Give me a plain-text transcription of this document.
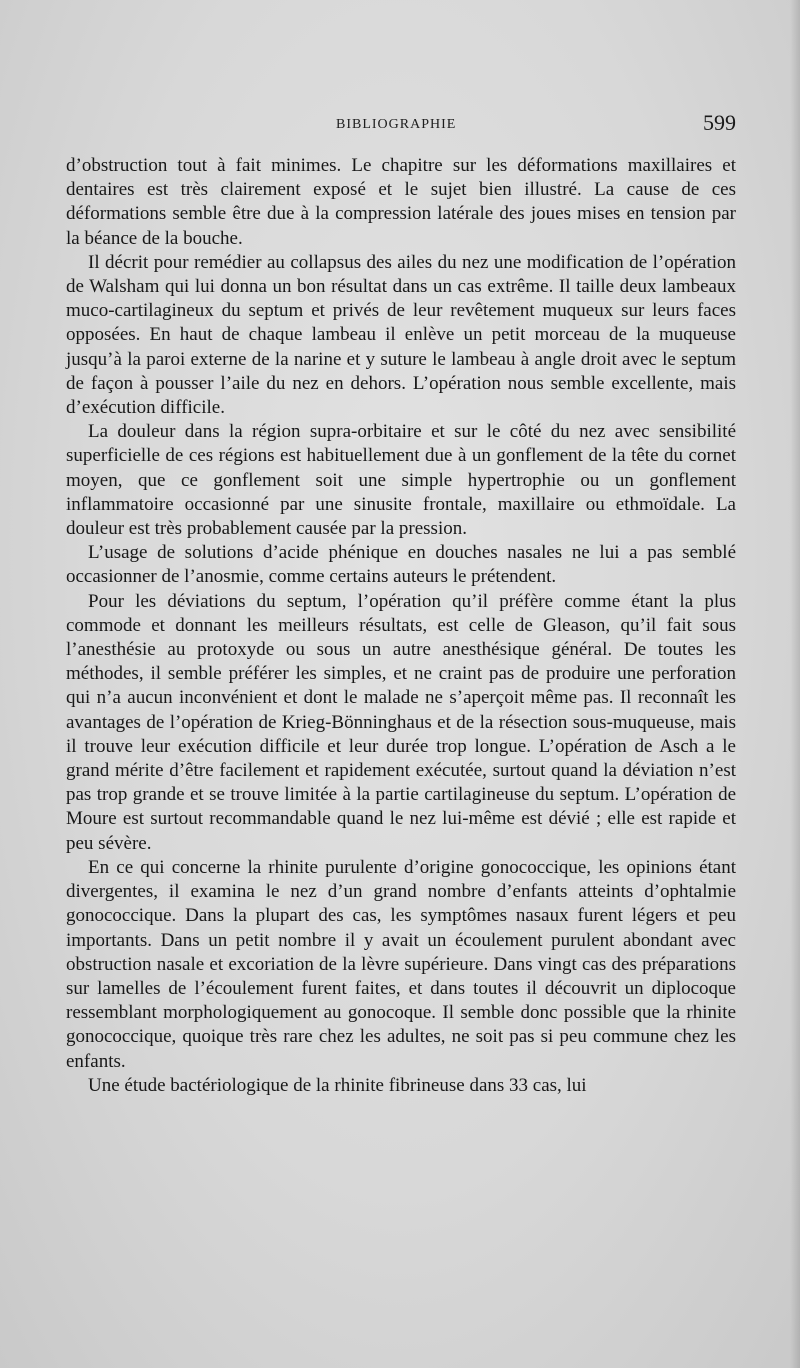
BIBLIOGRAPHIE	599

d’obstruction tout à fait minimes. Le chapitre sur les déformations maxillaires et dentaires est très clairement exposé et le sujet bien illustré. La cause de ces déformations semble être due à la compression latérale des joues mises en tension par la béance de la bouche.

Il décrit pour remédier au collapsus des ailes du nez une modification de l’opération de Walsham qui lui donna un bon résultat dans un cas extrême. Il taille deux lambeaux muco-cartilagineux du septum et privés de leur revêtement muqueux sur leurs faces opposées. En haut de chaque lambeau il enlève un petit morceau de la muqueuse jusqu’à la paroi externe de la narine et y suture le lambeau à angle droit avec le septum de façon à pousser l’aile du nez en dehors. L’opération nous semble excellente, mais d’exécution difficile.

La douleur dans la région supra-orbitaire et sur le côté du nez avec sensibilité superficielle de ces régions est habituellement due à un gonflement de la tête du cornet moyen, que ce gonflement soit une simple hypertrophie ou un gonflement inflammatoire occasionné par une sinusite frontale, maxillaire ou ethmoïdale. La douleur est très probablement causée par la pression.

L’usage de solutions d’acide phénique en douches nasales ne lui a pas semblé occasionner de l’anosmie, comme certains auteurs le prétendent.

Pour les déviations du septum, l’opération qu’il préfère comme étant la plus commode et donnant les meilleurs résultats, est celle de Gleason, qu’il fait sous l’anesthésie au protoxyde ou sous un autre anesthésique général. De toutes les méthodes, il semble préférer les simples, et ne craint pas de produire une perforation qui n’a aucun inconvénient et dont le malade ne s’aperçoit même pas. Il reconnaît les avantages de l’opération de Krieg-Bönninghaus et de la résection sous-muqueuse, mais il trouve leur exécution difficile et leur durée trop longue. L’opération de Asch a le grand mérite d’être facilement et rapidement exécutée, surtout quand la déviation n’est pas trop grande et se trouve limitée à la partie cartilagineuse du septum. L’opération de Moure est surtout recommandable quand le nez lui-même est dévié ; elle est rapide et peu sévère.

En ce qui concerne la rhinite purulente d’origine gonococcique, les opinions étant divergentes, il examina le nez d’un grand nombre d’enfants atteints d’ophtalmie gonococcique. Dans la plupart des cas, les symptômes nasaux furent légers et peu importants. Dans un petit nombre il y avait un écoulement purulent abondant avec obstruction nasale et excoriation de la lèvre supérieure. Dans vingt cas des préparations sur lamelles de l’écoulement furent faites, et dans toutes il découvrit un diplocoque ressemblant morphologiquement au gonocoque. Il semble donc possible que la rhinite gonococcique, quoique très rare chez les adultes, ne soit pas si peu commune chez les enfants.

Une étude bactériologique de la rhinite fibrineuse dans 33 cas, lui
